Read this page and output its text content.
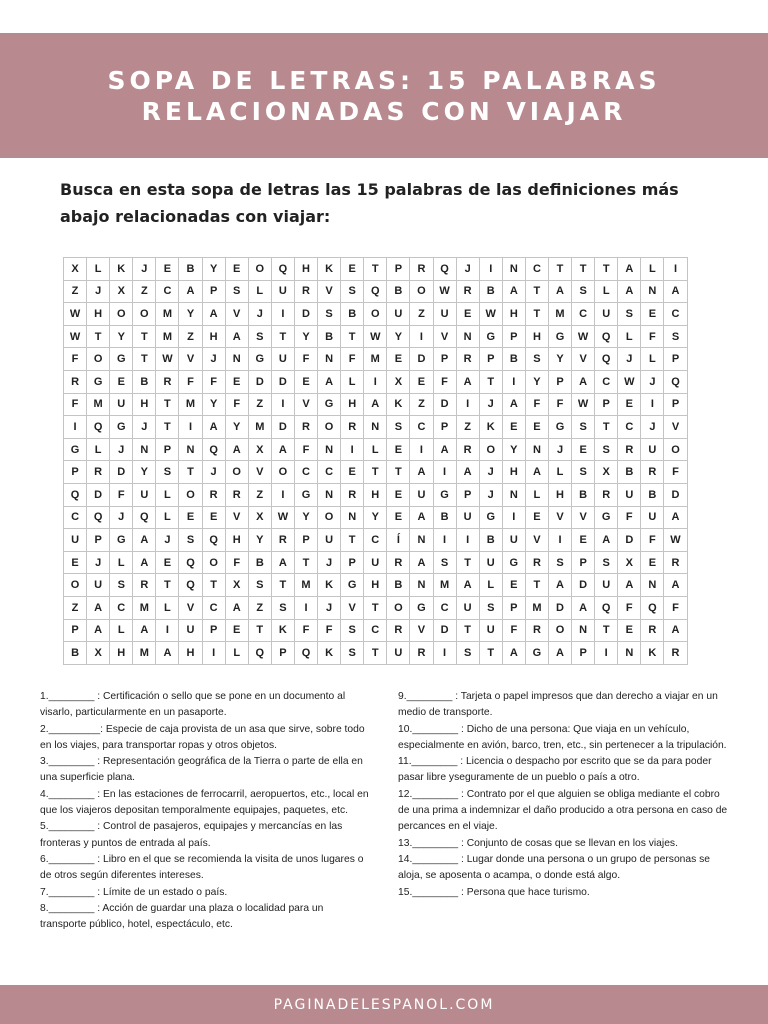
SOPA DE LETRAS: 15 PALABRAS RELACIONADAS CON VIAJAR
Busca en esta sopa de letras las 15 palabras de las definiciones más abajo relacionadas con viajar:
X	L	K	J	E	B	Y	E	O	Q	H	K	E	T	P	R	Q	J	I	N	C	T	T	T	A	L	I
Z	J	X	Z	C	A	P	S	L	U	R	V	S	Q	B	O	W	R	B	A	T	A	S	L	A	N	A
W	H	O	O	M	Y	A	V	J	I	D	S	B	O	U	Z	U	E	W	H	T	M	C	U	S	E	C
W	T	Y	T	M	Z	H	A	S	T	Y	B	T	W	Y	I	V	N	G	P	H	G	W	Q	L	F	S
F	O	G	T	W	V	J	N	G	U	F	N	F	M	E	D	P	R	P	B	S	Y	V	Q	J	L	P
R	G	E	B	R	F	F	E	D	D	E	A	L	I	X	E	F	A	T	I	Y	P	A	C	W	J	Q
F	M	U	H	T	M	Y	F	Z	I	V	G	H	A	K	Z	D	I	J	A	F	F	W	P	E	I	P
I	Q	G	J	T	I	A	Y	M	D	R	O	R	N	S	C	P	Z	K	E	E	G	S	T	C	J	V
G	L	J	N	P	N	Q	A	X	A	F	N	I	L	E	I	A	R	O	Y	N	J	E	S	R	U	O
P	R	D	Y	S	T	J	O	V	O	C	C	E	T	T	A	I	A	J	H	A	L	S	X	B	R	F
Q	D	F	U	L	O	R	R	Z	I	G	N	R	H	E	U	G	P	J	N	L	H	B	R	U	B	D
C	Q	J	Q	L	E	E	V	X	W	Y	O	N	Y	E	A	B	U	G	I	E	V	V	G	F	U	A
U	P	G	A	J	S	Q	H	Y	R	P	U	T	C	Í	N	I	I	B	U	V	I	E	A	D	F	W
E	J	L	A	E	Q	O	F	B	A	T	J	P	U	R	A	S	T	U	G	R	S	P	S	X	E	R
O	U	S	R	T	Q	T	X	S	T	M	K	G	H	B	N	M	A	L	E	T	A	D	U	A	N	A
Z	A	C	M	L	V	C	A	Z	S	I	J	V	T	O	G	C	U	S	P	M	D	A	Q	F	Q	F
P	A	L	A	I	U	P	E	T	K	F	F	S	C	R	V	D	T	U	F	R	O	N	T	E	R	A
B	X	H	M	A	H	I	L	Q	P	Q	K	S	T	U	R	I	S	T	A	G	A	P	I	N	K	R

1.________ : Certificación o sello que se pone en un documento al visarlo, particularmente en un pasaporte.

2._________: Especie de caja provista de un asa que sirve, sobre todo en los viajes, para transportar ropas y otros objetos.

3.________ : Representación geográfica de la Tierra o parte de ella en una superficie plana.

4.________ : En las estaciones de ferrocarril, aeropuertos, etc., local en que los viajeros depositan temporalmente equipajes, paquetes, etc.

5.________ : Control de pasajeros, equipajes y mercancías en las fronteras y puntos de entrada al país.

6.________ : Libro en el que se recomienda la visita de unos lugares o de otros según diferentes intereses.

7.________ : Límite de un estado o país.

8.________ : Acción de guardar una plaza o localidad para un transporte público, hotel, espectáculo, etc.

9.________ : Tarjeta o papel impresos que dan derecho a viajar en un medio de transporte.

10.________ : Dicho de una persona: Que viaja en un vehículo, especialmente en avión, barco, tren, etc., sin pertenecer a la tripulación.

11.________ : Licencia o despacho por escrito que se da para poder pasar libre yseguramente de un pueblo o país a otro.

12.________ : Contrato por el que alguien se obliga mediante el cobro de una prima a indemnizar el daño producido a otra persona en caso de percances en el viaje.

13.________ : Conjunto de cosas que se llevan en los viajes.

14.________ : Lugar donde una persona o un grupo de personas se aloja, se aposenta o acampa, o donde está algo.

15.________ : Persona que hace turismo.

PAGINADELESPANOL.COM
